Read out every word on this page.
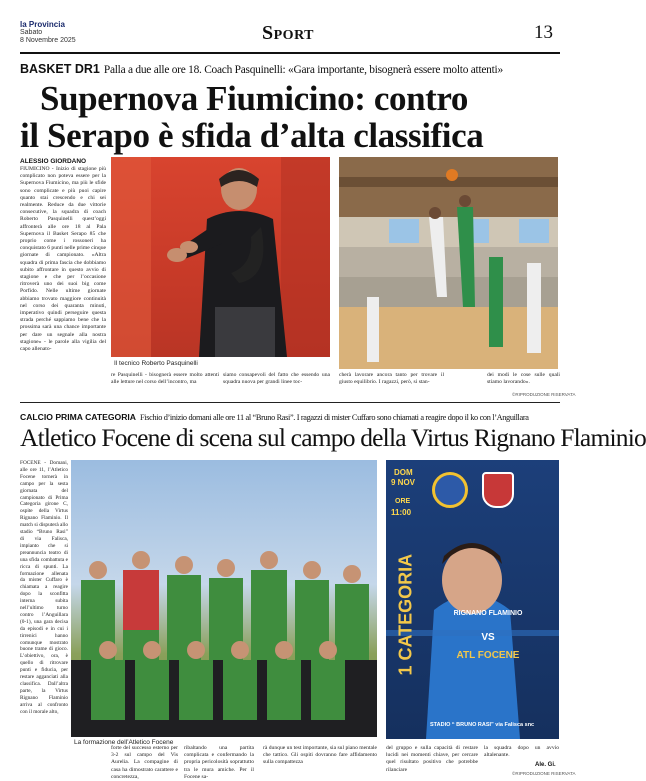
la Provincia
Sabato
8 Novembre 2025	Sport	13
BASKET DR1 Palla a due alle ore 18. Coach Pasquinelli: «Gara importante, bisognerà essere molto attenti»
Supernova Fiumicino: contro
il Serapo è sfida d’alta classifica
ALESSIO GIORDANO
FIUMICINO - Inizio di stagione più complicato non poteva essere per la Supernova Fiumicino, ma più le sfide sono complicate e più puoi capire quanto stai crescendo e chi sei realmente. Reduce da due vittorie consecutive, la squadra di coach Roberto Pasquinelli quest’oggi affronterà alle ore 18 al Pala Supernova il Basket Serapo 85 che proprio come i rossoneri ha conquistato 6 punti nelle prime cinque giornate di campionato. «Altra squadra di prima fascia che dobbiamo subito affrontare in questo avvio di stagione e che per l’occasione ritroverà uno dei suoi big come Porfido. Nelle ultime giornate abbiamo trovato maggiore continuità nel corso dei quaranta minuti, imperativo quindi perseguire questa strada perché sappiamo bene che la prossima sarà una chance importante per dare un segnale alla nostra stagione» - le parole alla vigilia del capo allenato-
Il tecnico Roberto Pasquinelli
re Pasquinelli - bisognerà essere molto attenti alle letture nel corso dell’incontro, ma
siamo consapevoli del fatto che essendo una squadra nuova per grandi linee toc-
cherà lavorare ancora tanto per trovare il giusto equilibrio. I ragazzi, però, si stan-
dei modi le cose sulle quali stiamo lavorando».
©RIPRODUZIONE RISERVATA
CALCIO PRIMA CATEGORIA Fischio d’inizio domani alle ore 11 al “Bruno Rasi”. I ragazzi di mister Cuffaro sono chiamati a reagire dopo il ko con l’Anguillara
Atletico Focene di scena sul campo della Virtus Rignano Flaminio
FOCENE - Domani, alle ore 11, l’Atletico Focene tornerà in campo per la sesta giornata del campionato di Prima Categoria girone C, ospite della Virtus Rignano Flaminio. Il match si disputerà allo stadio “Bruno Rasi” di via Falisca, impianto che si preannuncia teatro di una sfida combattuta e ricca di spunti. La formazione allenata da mister Cuffaro è chiamata a reagire dopo la sconfitta interna subita nell’ultimo turno contro l’Anguillara (0-1), una gara decisa da episodi e in cui i tirrenici hanno comunque mostrato buone trame di gioco. L’obiettivo, ora, è quello di ritrovare punti e fiducia, per restare agganciati alla classifica. Dall’altra parte, la Virtus Rignano Flaminio arriva al confronto con il morale alto,
La formazione dell’Atletico Focene
DOM
9 NOV
ORE
11:00
1 CATEGORIA	RIGNANO FLAMINIO
VS
ATL FOCENE
STADIO “ BRUNO RASI” via Falisca snc
forte del successo esterno per 3-2 sul campo del Vis Aurelia. La compagine di casa ha dimostrato carattere e concretezza,
ribaltando una partita complicata e confermando la propria pericolosità soprattutto tra le mura amiche. Per il Focene sa-
rà dunque un test importante, sia sul piano mentale che tattico. Gli ospiti dovranno fare affidamento sulla compattezza
del gruppo e sulla capacità di restare lucidi nei momenti chiave, per cercare quel risultato positivo che potrebbe rilanciare
la squadra dopo un avvio altalenante.
Ale. Gi.
©RIPRODUZIONE RISERVATA
